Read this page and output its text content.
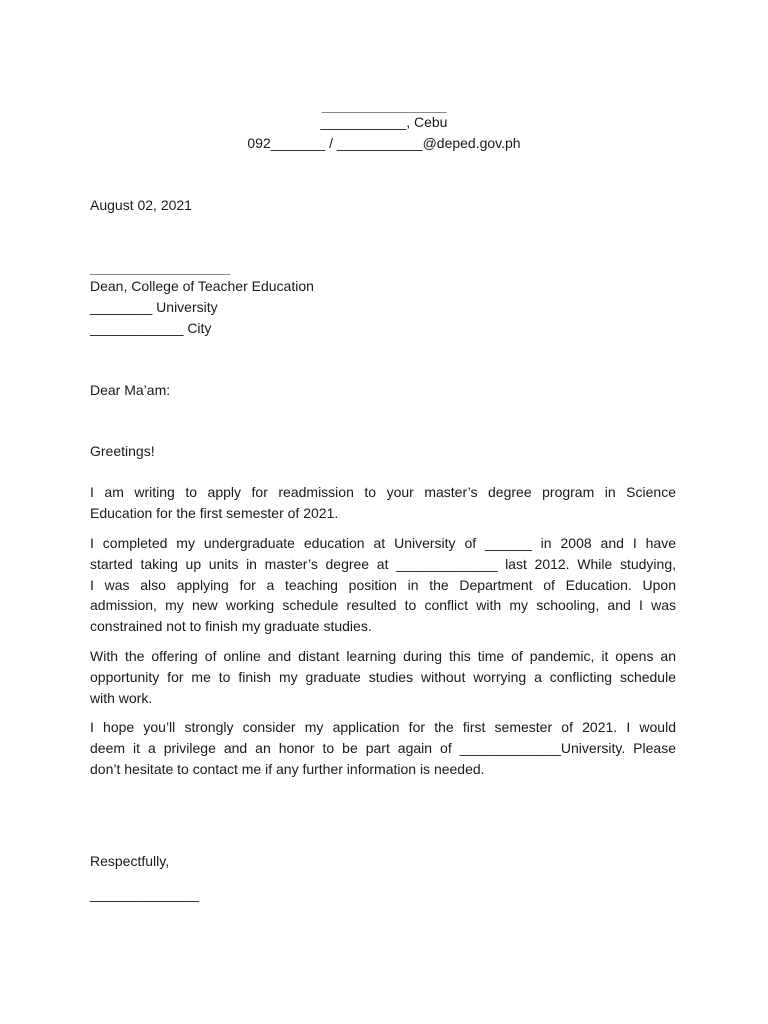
________________
___________, Cebu
092_______ / ___________@deped.gov.ph
August 02, 2021
__________________
Dean, College of Teacher Education
________ University
____________ City
Dear Ma’am:
Greetings!
I am writing to apply for readmission to your master’s degree program in Science
Education for the first semester of 2021.
I completed my undergraduate education at University of ______ in 2008 and I have
started taking up units in master’s degree at _____________ last 2012. While studying,
I was also applying for a teaching position in the Department of Education. Upon
admission, my new working schedule resulted to conflict with my schooling, and I was
constrained not to finish my graduate studies.
With the offering of online and distant learning during this time of pandemic, it opens an
opportunity for me to finish my graduate studies without worrying a conflicting schedule
with work.
I hope you’ll strongly consider my application for the first semester of 2021. I would
deem it a privilege and an honor to be part again of _____________University. Please
don’t hesitate to contact me if any further information is needed.
Respectfully,
______________
